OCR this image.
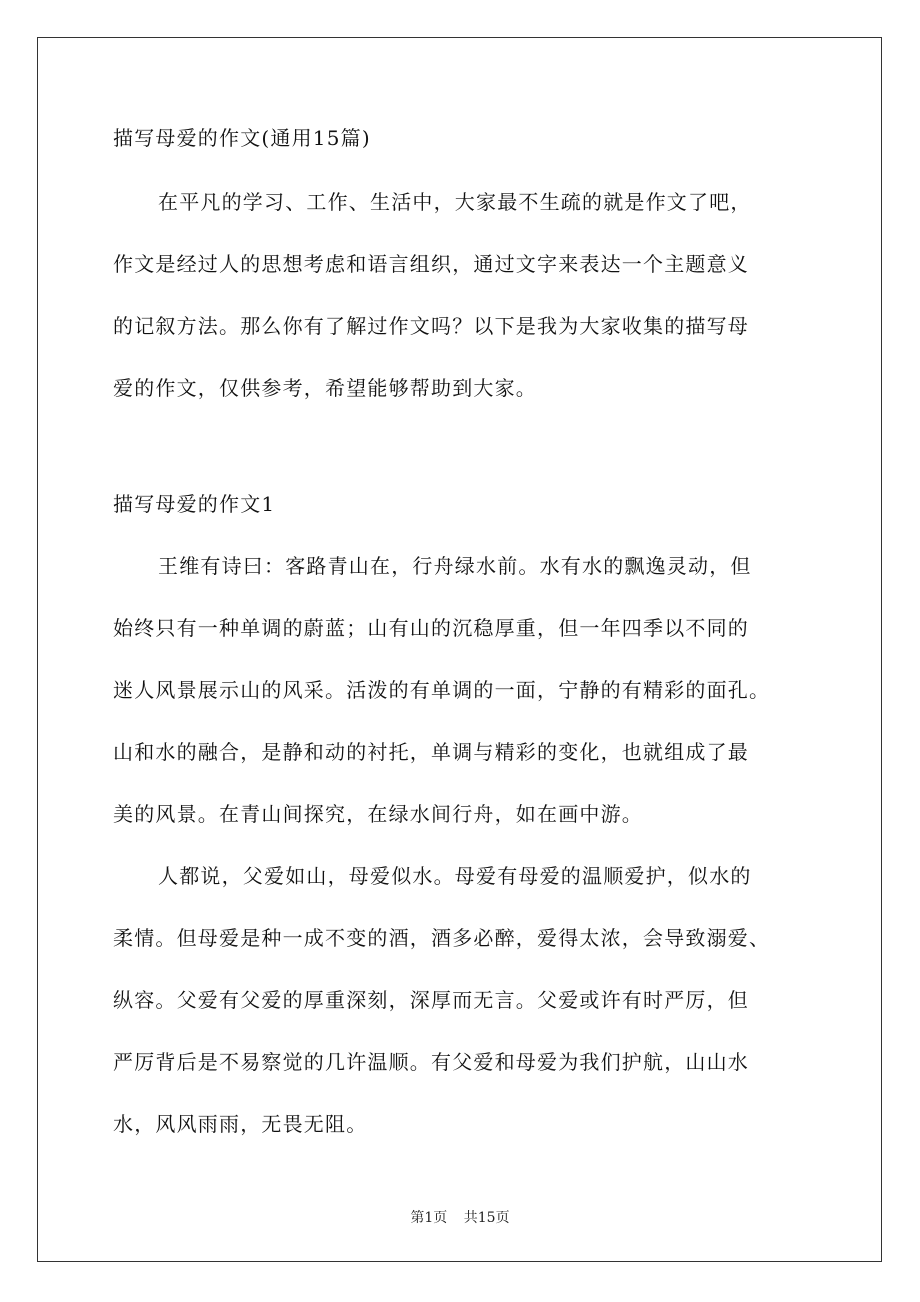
描写母爱的作文(通用15篇)
在平凡的学习、工作、生活中，大家最不生疏的就是作文了吧，
作文是经过人的思想考虑和语言组织，通过文字来表达一个主题意义
的记叙方法。那么你有了解过作文吗？以下是我为大家收集的描写母
爱的作文，仅供参考，希望能够帮助到大家。
描写母爱的作文1
王维有诗曰：客路青山在，行舟绿水前。水有水的飘逸灵动，但
始终只有一种单调的蔚蓝；山有山的沉稳厚重，但一年四季以不同的
迷人风景展示山的风采。活泼的有单调的一面，宁静的有精彩的面孔。
山和水的融合，是静和动的衬托，单调与精彩的变化，也就组成了最
美的风景。在青山间探究，在绿水间行舟，如在画中游。
人都说，父爱如山，母爱似水。母爱有母爱的温顺爱护，似水的
柔情。但母爱是种一成不变的酒，酒多必醉，爱得太浓，会导致溺爱、
纵容。父爱有父爱的厚重深刻，深厚而无言。父爱或许有时严厉，但
严厉背后是不易察觉的几许温顺。有父爱和母爱为我们护航，山山水
水，风风雨雨，无畏无阻。
第1页 共15页
